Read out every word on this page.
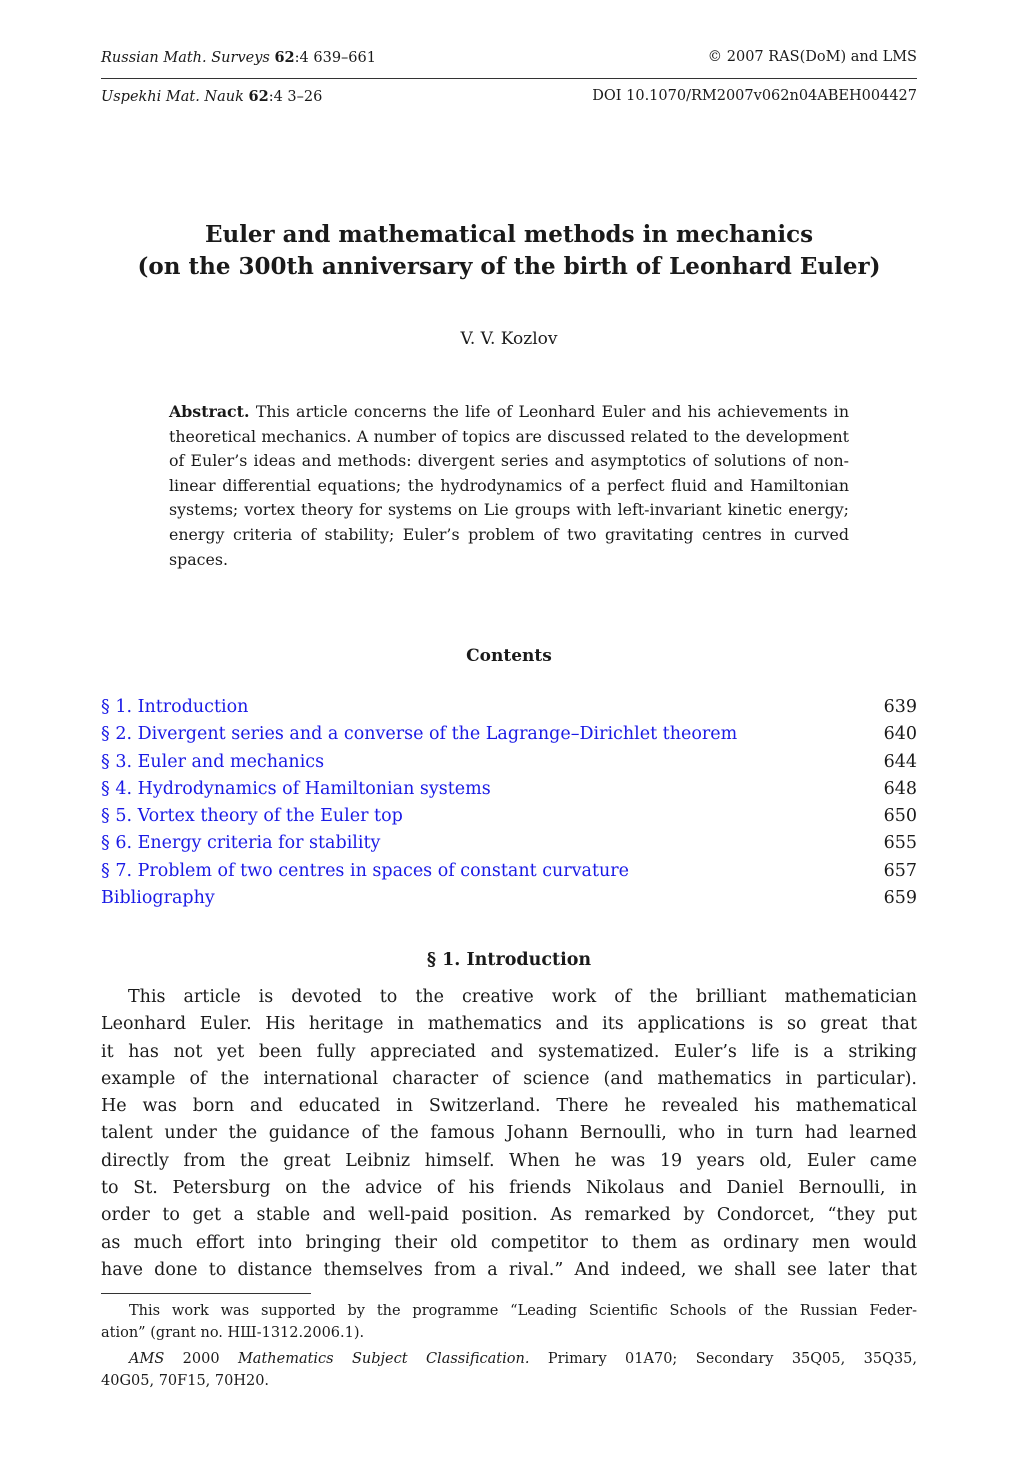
Russian Math. Surveys 62:4 639–661	© 2007 RAS(DoM) and LMS
Uspekhi Mat. Nauk 62:4 3–26	DOI 10.1070/RM2007v062n04ABEH004427
Euler and mathematical methods in mechanics
(on the 300th anniversary of the birth of Leonhard Euler)
V. V. Kozlov
Abstract. This article concerns the life of Leonhard Euler and his achievements in theoretical mechanics. A number of topics are discussed related to the development of Euler’s ideas and methods: divergent series and asymptotics of solutions of non-linear differential equations; the hydrodynamics of a perfect fluid and Hamiltonian systems; vortex theory for systems on Lie groups with left-invariant kinetic energy; energy criteria of stability; Euler’s problem of two gravitating centres in curved spaces.
Contents
§ 1. Introduction	639
§ 2. Divergent series and a converse of the Lagrange–Dirichlet theorem	640
§ 3. Euler and mechanics	644
§ 4. Hydrodynamics of Hamiltonian systems	648
§ 5. Vortex theory of the Euler top	650
§ 6. Energy criteria for stability	655
§ 7. Problem of two centres in spaces of constant curvature	657
Bibliography	659
§ 1. Introduction
This article is devoted to the creative work of the brilliant mathematician
Leonhard Euler. His heritage in mathematics and its applications is so great that
it has not yet been fully appreciated and systematized. Euler’s life is a striking
example of the international character of science (and mathematics in particular).
He was born and educated in Switzerland. There he revealed his mathematical
talent under the guidance of the famous Johann Bernoulli, who in turn had learned
directly from the great Leibniz himself. When he was 19 years old, Euler came
to St. Petersburg on the advice of his friends Nikolaus and Daniel Bernoulli, in
order to get a stable and well-paid position. As remarked by Condorcet, “they put
as much effort into bringing their old competitor to them as ordinary men would
have done to distance themselves from a rival.” And indeed, we shall see later that
This work was supported by the programme “Leading Scientific Schools of the Russian Feder-
ation” (grant no. НШ-1312.2006.1).
AMS 2000 Mathematics Subject Classification. Primary 01A70; Secondary 35Q05, 35Q35,
40G05, 70F15, 70H20.
